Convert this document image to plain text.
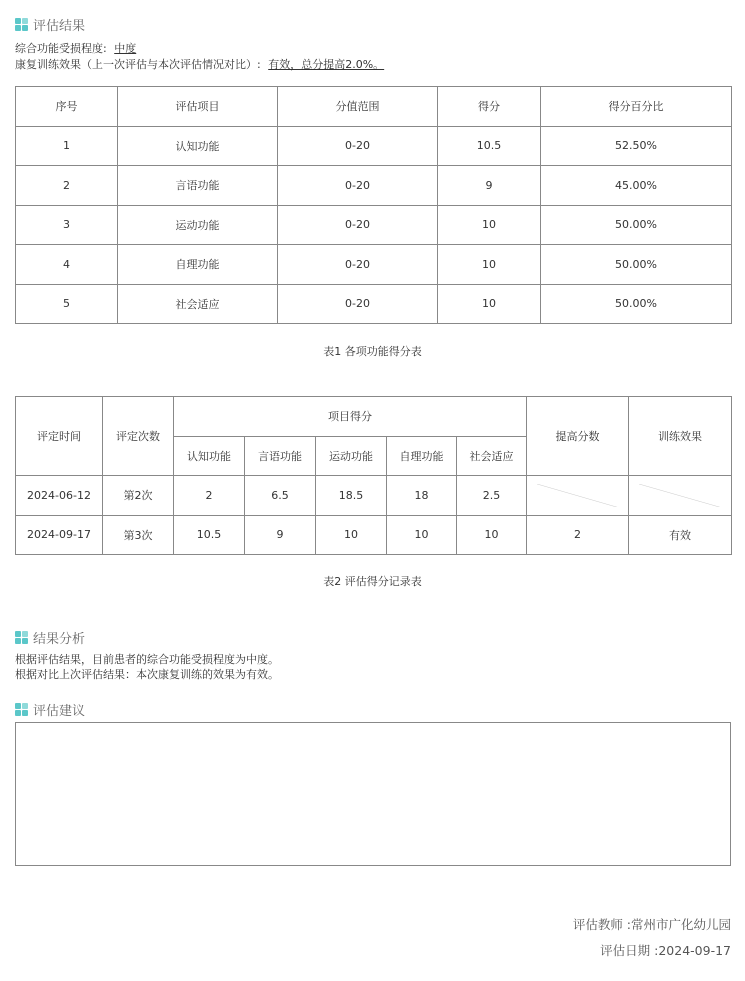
评估结果
综合功能受损程度: 中度
康复训练效果（上一次评估与本次评估情况对比）: 有效，总分提高2.0%。
序号	评估项目	分值范围	得分	得分百分比
1	认知功能	0-20	10.5	52.50%
2	言语功能	0-20	9	45.00%
3	运动功能	0-20	10	50.00%
4	自理功能	0-20	10	50.00%
5	社会适应	0-20	10	50.00%
表1 各项功能得分表
评定时间	评定次数	项目得分					提高分数	训练效果
		认知功能	言语功能	运动功能	自理功能	社会适应		
2024-06-12	第2次	2	6.5	18.5	18	2.5		
2024-09-17	第3次	10.5	9	10	10	10	2	有效
表2 评估得分记录表
结果分析
根据评估结果，目前患者的综合功能受损程度为中度。
根据对比上次评估结果：本次康复训练的效果为有效。
评估建议
评估教师 :常州市广化幼儿园
评估日期 :2024-09-17
